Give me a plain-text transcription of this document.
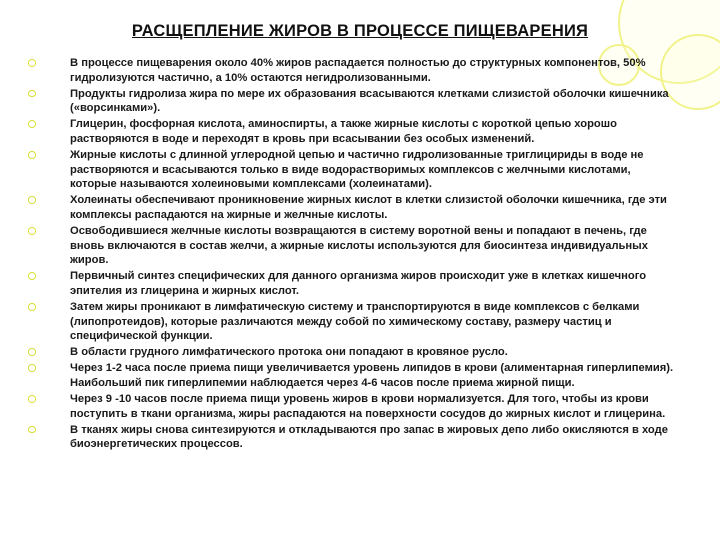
РАСЩЕПЛЕНИЕ ЖИРОВ В ПРОЦЕССЕ ПИЩЕВАРЕНИЯ
В процессе пищеварения около 40% жиров распадается полностью до структурных компонентов, 50% гидролизуются частично, а 10% остаются негидролизованными.
Продукты гидролиза жира по мере их образования всасываются клетками слизистой оболочки кишечника («ворсинками»).
Глицерин, фосфорная кислота, аминоспирты, а также жирные кислоты с короткой цепью хорошо растворяются в воде и переходят в кровь при всасывании без особых изменений.
Жирные кислоты с длинной углеродной цепью и частично гидролизованные триглицириды в воде не растворяются и всасываются только в виде водорастворимых комплексов с желчными кислотами, которые называются холеиновыми комплексами (холеинатами).
Холеинаты обеспечивают проникновение жирных кислот в клетки слизистой оболочки кишечника, где эти комплексы распадаются на жирные и желчные кислоты.
Освободившиеся желчные кислоты возвращаются в систему воротной вены и попадают в печень, где вновь включаются в состав желчи, а жирные кислоты используются для биосинтеза индивидуальных жиров.
Первичный синтез специфических для данного организма жиров происходит уже в клетках кишечного эпителия из глицерина и жирных кислот.
Затем жиры проникают в лимфатическую систему и транспортируются в виде комплексов с белками (липопротеидов), которые различаются между собой по химическому составу, размеру частиц и специфической функции.
В области грудного лимфатического протока они попадают в кровяное русло.
Через 1-2 часа после приема пищи увеличивается уровень липидов в крови (алиментарная гиперлипемия). Наибольший пик гиперлипемии наблюдается через 4-6 часов после приема жирной пищи.
Через 9 -10 часов после приема пищи уровень жиров в крови нормализуется. Для того, чтобы из крови поступить в ткани организма, жиры распадаются на поверхности сосудов до жирных кислот и глицерина.
В тканях жиры снова синтезируются и откладываются про запас в жировых депо либо окисляются в ходе биоэнергетических процессов.
